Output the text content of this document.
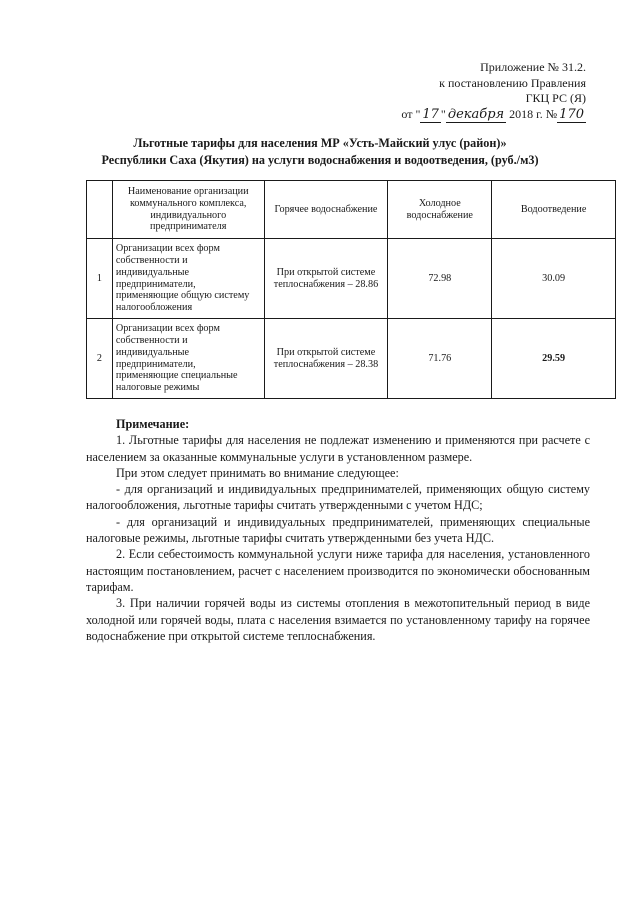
Приложение № 31.2.
к постановлению Правления
ГКЦ РС (Я)
от " 17 " декабря 2018 г. № 170
Льготные тарифы для населения МР «Усть-Майский улус (район)»
Республики Саха (Якутия) на услуги водоснабжения и водоотведения, (руб./м3)
	Наименование организации коммунального комплекса, индивидуального предпринимателя	Горячее водоснабжение	Холодное водоснабжение	Водоотведение
1	Организации всех форм собственности и индивидуальные предприниматели, применяющие общую систему налогообложения	При открытой системе теплоснабжения – 28.86	72.98	30.09
2	Организации всех форм собственности и индивидуальные предприниматели, применяющие специальные налоговые режимы	При открытой системе теплоснабжения – 28.38	71.76	29.59

Примечание:

1. Льготные тарифы для населения не подлежат изменению и применяются при расчете с населением за оказанные коммунальные услуги в установленном размере.

При этом следует принимать во внимание следующее:

- для организаций и индивидуальных предпринимателей, применяющих общую систему налогообложения, льготные тарифы считать утвержденными с учетом НДС;

- для организаций и индивидуальных предпринимателей, применяющих специальные налоговые режимы, льготные тарифы считать утвержденными без учета НДС.

2. Если себестоимость коммунальной услуги ниже тарифа для населения, установленного настоящим постановлением, расчет с населением производится по экономически обоснованным тарифам.

3. При наличии горячей воды из системы отопления в межотопительный период в виде холодной или горячей воды, плата с населения взимается по установленному тарифу на горячее водоснабжение при открытой системе теплоснабжения.
